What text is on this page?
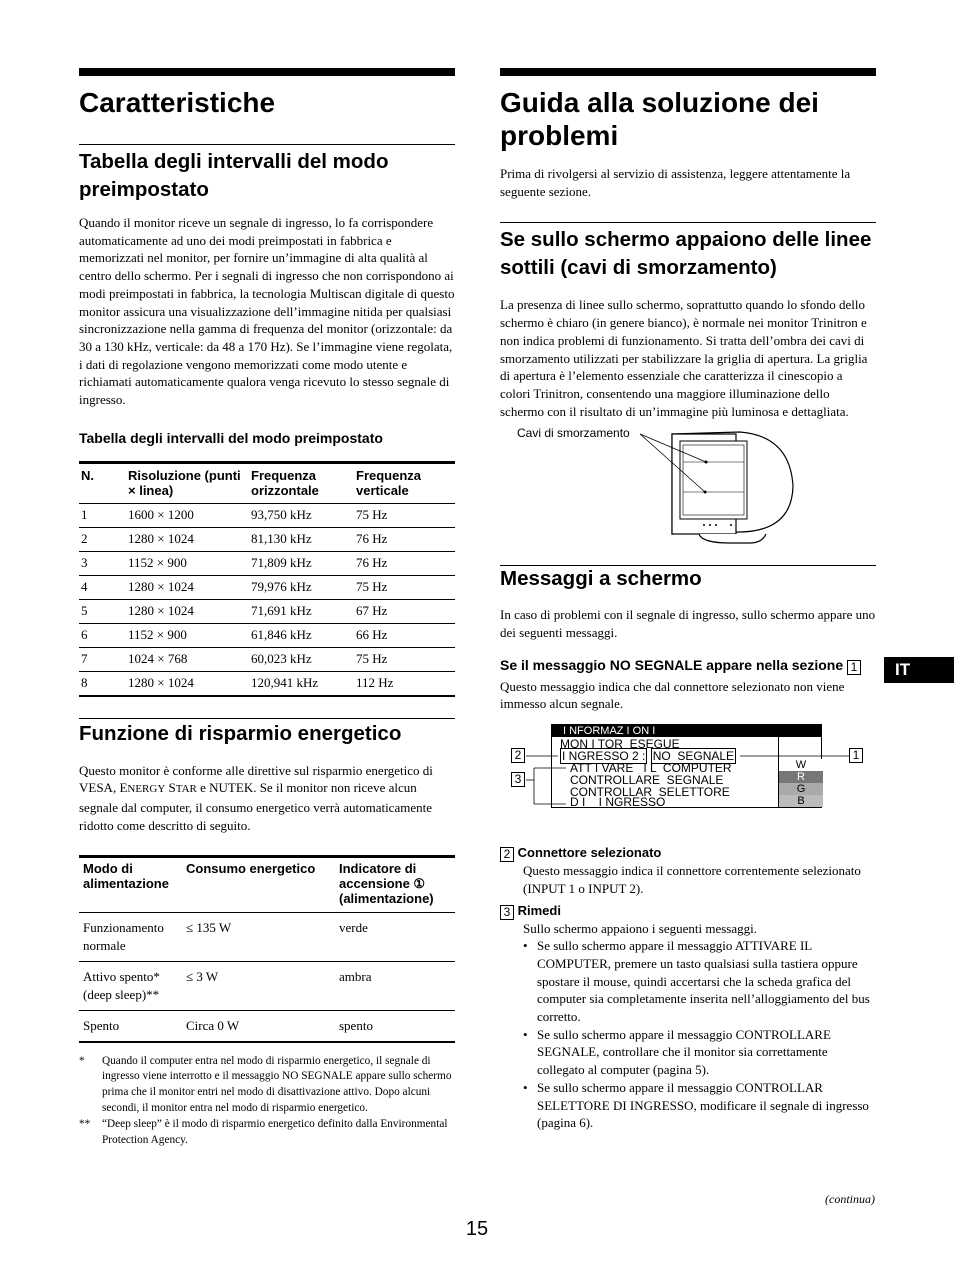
Caratteristiche
Tabella degli intervalli del modo preimpostato

Quando il monitor riceve un segnale di ingresso, lo fa corrispondere automaticamente ad uno dei modi preimpostati in fabbrica e memorizzati nel monitor, per fornire un’immagine di alta qualità al centro dello schermo. Per i segnali di ingresso che non corrispondono ai modi preimpostati in fabbrica, la tecnologia Multiscan digitale di questo monitor assicura una visualizzazione dell’immagine nitida per qualsiasi sincronizzazione nella gamma di frequenza del monitor (orizzontale: da 30 a 130 kHz, verticale: da 48 a 170 Hz). Se l’immagine viene regolata, i dati di regolazione vengono memorizzati come modo utente e richiamati automaticamente qualora venga ricevuto lo stesso segnale di ingresso.

Tabella degli intervalli del modo preimpostato
N.	Risoluzione (punti × linea)	Frequenza orizzontale	Frequenza verticale
1	1600 × 1200	93,750 kHz	75 Hz
2	1280 × 1024	81,130 kHz	76 Hz
3	1152 × 900	71,809 kHz	76 Hz
4	1280 × 1024	79,976 kHz	75 Hz
5	1280 × 1024	71,691 kHz	67 Hz
6	1152 × 900	61,846 kHz	66 Hz
7	1024 × 768	60,023 kHz	75 Hz
8	1280 × 1024	120,941 kHz	112 Hz
Funzione di risparmio energetico

Questo monitor è conforme alle direttive sul risparmio energetico di VESA, ENERGY STAR e NUTEK. Se il monitor non riceve alcun segnale dal computer, il consumo energetico verrà automaticamente ridotto come descritto di seguito.

Modo di alimentazione	Consumo energetico	Indicatore di accensione ① (alimentazione)
Funzionamento normale	≤ 135 W	verde
Attivo spento* (deep sleep)**	≤ 3 W	ambra
Spento	Circa 0 W	spento
*	Quando il computer entra nel modo di risparmio energetico, il segnale di ingresso viene interrotto e il messaggio NO SEGNALE appare sullo schermo prima che il monitor entri nel modo di disattivazione attivo. Dopo alcuni secondi, il monitor entra nel modo di risparmio energetico.
**	“Deep sleep” è il modo di risparmio energetico definito dalla Environmental Protection Agency.
Guida alla soluzione dei problemi

Prima di rivolgersi al servizio di assistenza, leggere attentamente la seguente sezione.

Se sullo schermo appaiono delle linee sottili (cavi di smorzamento)

La presenza di linee sullo schermo, soprattutto quando lo sfondo dello schermo è chiaro (in genere bianco), è normale nei monitor Trinitron e non indica problemi di funzionamento. Si tratta dell’ombra dei cavi di smorzamento utilizzati per stabilizzare la griglia di apertura. La griglia di apertura è l’elemento essenziale che caratterizza il cinescopio a colori Trinitron, consentendo una maggiore illuminazione dello schermo con il risultato di un’immagine più luminosa e dettagliata.

Cavi di smorzamento
Messaggi a schermo

In caso di problemi con il segnale di ingresso, sullo schermo appare uno dei seguenti messaggi.

Se il messaggio NO SEGNALE appare nella sezione 1

Questo messaggio indica che dal connettore selezionato non viene immesso alcun segnale.

I NFORMAZ I ON I
W
R
G
B
MON I TOR  ESEGUE
I NGRESSO 2 : NO  SEGNALE
ATT I VARE   I L  COMPUTER
CONTROLLARE  SEGNALE
CONTROLLAR  SELETTORE
D I    I NGRESSO
2
3
1
2 Connettore selezionato

Questo messaggio indica il connettore correntemente selezionato (INPUT 1 o INPUT 2).

3 Rimedi

Sullo schermo appaiono i seguenti messaggi.

• Se sullo schermo appare il messaggio ATTIVARE IL COMPUTER, premere un tasto qualsiasi sulla tastiera oppure spostare il mouse, quindi accertarsi che la scheda grafica del computer sia completamente inserita nell’alloggiamento del bus corretto.
• Se sullo schermo appare il messaggio CONTROLLARE SEGNALE, controllare che il monitor sia correttamente collegato al computer (pagina 5).
• Se sullo schermo appare il messaggio CONTROLLAR SELETTORE DI INGRESSO, modificare il segnale di ingresso (pagina 6).
IT
(continua)
15
